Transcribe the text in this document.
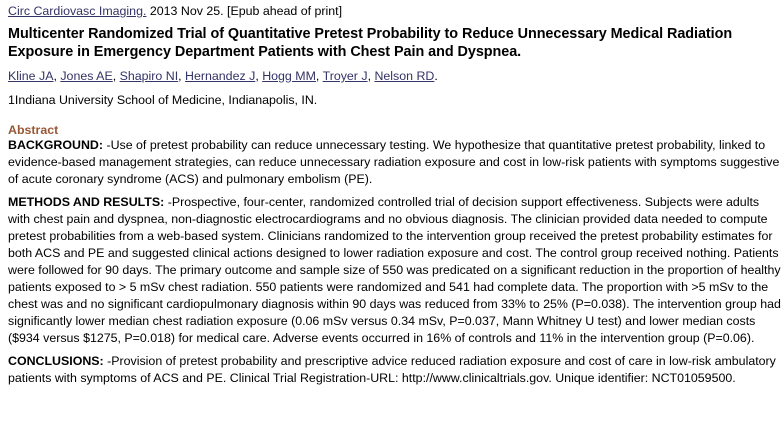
Circ Cardiovasc Imaging. 2013 Nov 25. [Epub ahead of print]

Multicenter Randomized Trial of Quantitative Pretest Probability to Reduce Unnecessary Medical Radiation Exposure in Emergency Department Patients with Chest Pain and Dyspnea.

Kline JA, Jones AE, Shapiro NI, Hernandez J, Hogg MM, Troyer J, Nelson RD.

1Indiana University School of Medicine, Indianapolis, IN.

Abstract

BACKGROUND: -Use of pretest probability can reduce unnecessary testing. We hypothesize that quantitative pretest probability, linked to evidence-based management strategies, can reduce unnecessary radiation exposure and cost in low-risk patients with symptoms suggestive of acute coronary syndrome (ACS) and pulmonary embolism (PE).

METHODS AND RESULTS: -Prospective, four-center, randomized controlled trial of decision support effectiveness. Subjects were adults with chest pain and dyspnea, non-diagnostic electrocardiograms and no obvious diagnosis. The clinician provided data needed to compute pretest probabilities from a web-based system. Clinicians randomized to the intervention group received the pretest probability estimates for both ACS and PE and suggested clinical actions designed to lower radiation exposure and cost. The control group received nothing. Patients were followed for 90 days. The primary outcome and sample size of 550 was predicated on a significant reduction in the proportion of healthy patients exposed to > 5 mSv chest radiation. 550 patients were randomized and 541 had complete data. The proportion with >5 mSv to the chest was and no significant cardiopulmonary diagnosis within 90 days was reduced from 33% to 25% (P=0.038). The intervention group had significantly lower median chest radiation exposure (0.06 mSv versus 0.34 mSv, P=0.037, Mann Whitney U test) and lower median costs ($934 versus $1275, P=0.018) for medical care. Adverse events occurred in 16% of controls and 11% in the intervention group (P=0.06).

CONCLUSIONS: -Provision of pretest probability and prescriptive advice reduced radiation exposure and cost of care in low-risk ambulatory patients with symptoms of ACS and PE. Clinical Trial Registration-URL: http://www.clinicaltrials.gov. Unique identifier: NCT01059500.
